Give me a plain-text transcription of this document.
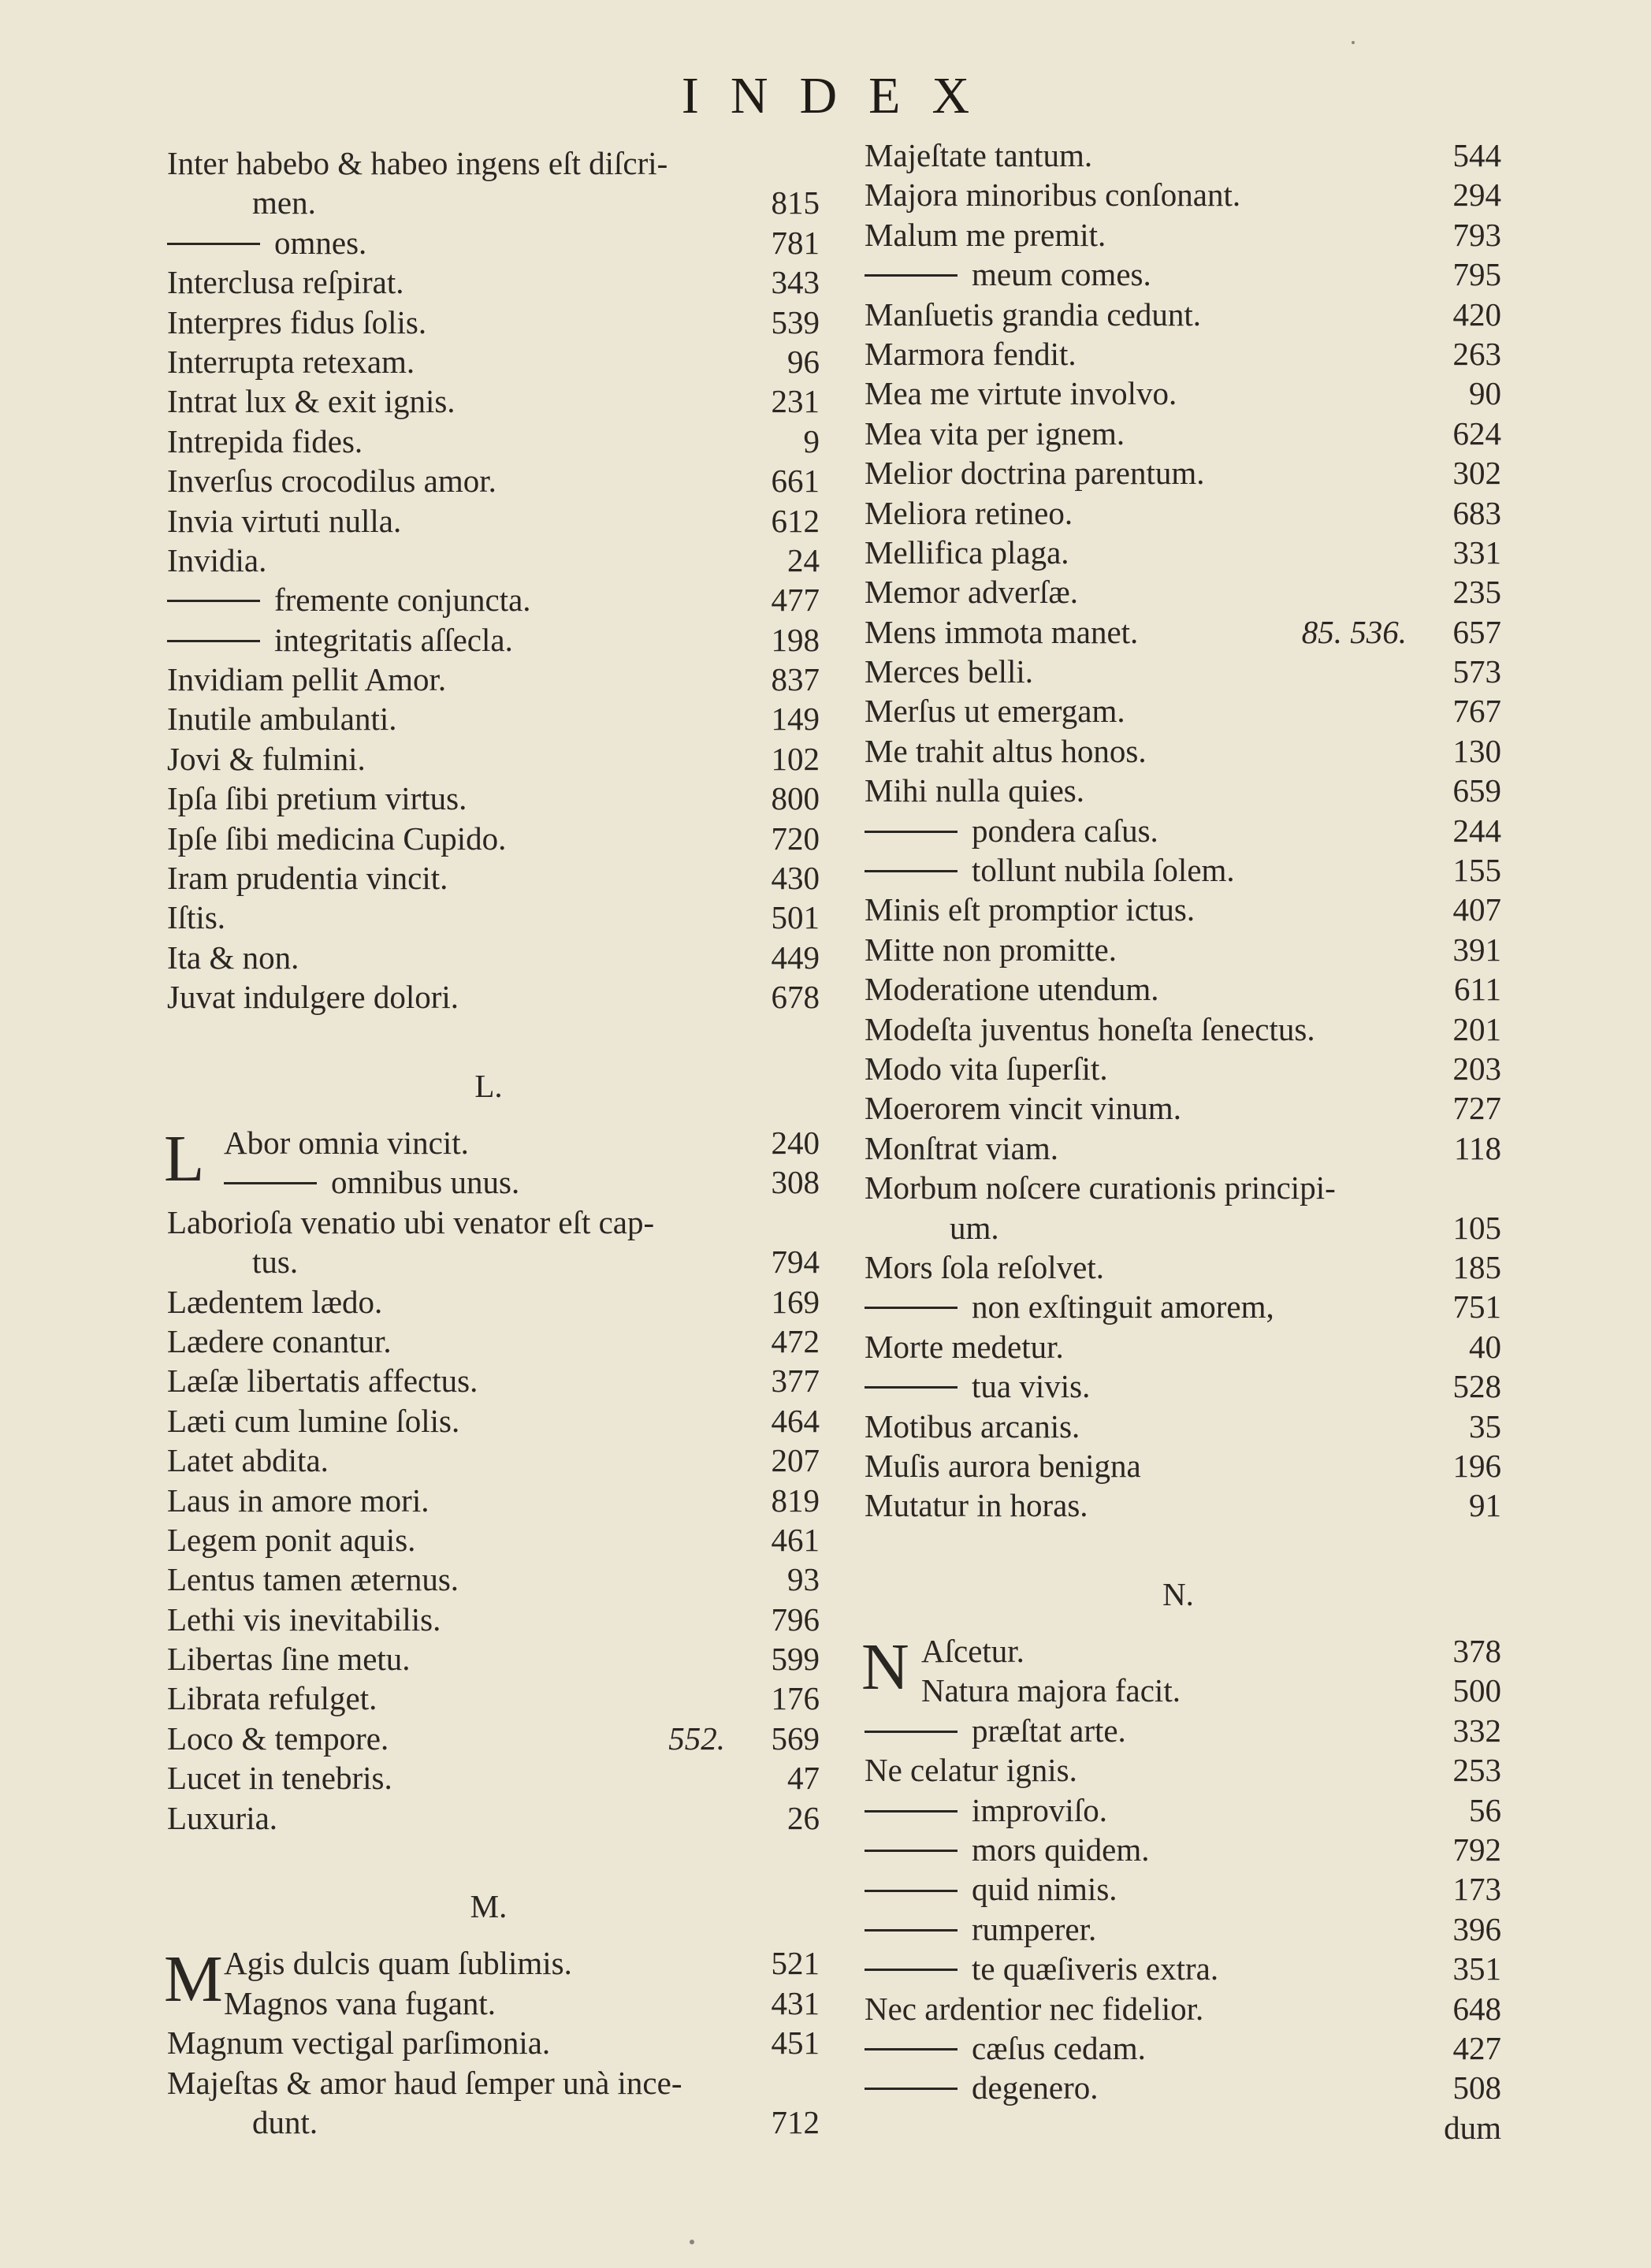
INDEX
Inter habebo & habeo ingens eſt diſcri-
men.	815
omnes.	781
Interclusa reſpirat.	343
Interpres fidus ſolis.	539
Interrupta retexam.	96
Intrat lux & exit ignis.	231
Intrepida fides.	9
Inverſus crocodilus amor.	661
Invia virtuti nulla.	612
Invidia.	24
fremente conjuncta.	477
integritatis aſſecla.	198
Invidiam pellit Amor.	837
Inutile ambulanti.	149
Jovi & fulmini.	102
Ipſa ſibi pretium virtus.	800
Ipſe ſibi medicina Cupido.	720
Iram prudentia vincit.	430
Iſtis.	501
Ita & non.	449
Juvat indulgere dolori.	678
L.
L Abor omnia vincit.	240
omnibus unus.	308
Laborioſa venatio ubi venator eſt cap-
tus.	794
Lædentem lædo.	169
Lædere conantur.	472
Læſæ libertatis affectus.	377
Læti cum lumine ſolis.	464
Latet abdita.	207
Laus in amore mori.	819
Legem ponit aquis.	461
Lentus tamen æternus.	93
Lethi vis inevitabilis.	796
Libertas ſine metu.	599
Librata refulget.	176
Loco & tempore.	552. 569
Lucet in tenebris.	47
Luxuria.	26
M.
M Agis dulcis quam ſublimis.	521
Magnos vana fugant.	431
Magnum vectigal parſimonia.	451
Majeſtas & amor haud ſemper unà ince-
dunt.	712
Majeſtate tantum.	544
Majora minoribus conſonant.	294
Malum me premit.	793
meum comes.	795
Manſuetis grandia cedunt.	420
Marmora fendit.	263
Mea me virtute involvo.	90
Mea vita per ignem.	624
Melior doctrina parentum.	302
Meliora retineo.	683
Mellifica plaga.	331
Memor adverſæ.	235
Mens immota manet.	85. 536. 657
Merces belli.	573
Merſus ut emergam.	767
Me trahit altus honos.	130
Mihi nulla quies.	659
pondera caſus.	244
tollunt nubila ſolem.	155
Minis eſt promptior ictus.	407
Mitte non promitte.	391
Moderatione utendum.	611
Modeſta juventus honeſta ſenectus.	201
Modo vita ſuperſit.	203
Moerorem vincit vinum.	727
Monſtrat viam.	118
Morbum noſcere curationis principi-
um.	105
Mors ſola reſolvet.	185
non exſtinguit amorem,	751
Morte medetur.	40
tua vivis.	528
Motibus arcanis.	35
Muſis aurora benigna	196
Mutatur in horas.	91
N.
N Aſcetur.	378
Natura majora facit.	500
præſtat arte.	332
Ne celatur ignis.	253
improviſo.	56
mors quidem.	792
quid nimis.	173
rumperer.	396
te quæſiveris extra.	351
Nec ardentior nec fidelior.	648
cæſus cedam.	427
degenero.	508
dum
